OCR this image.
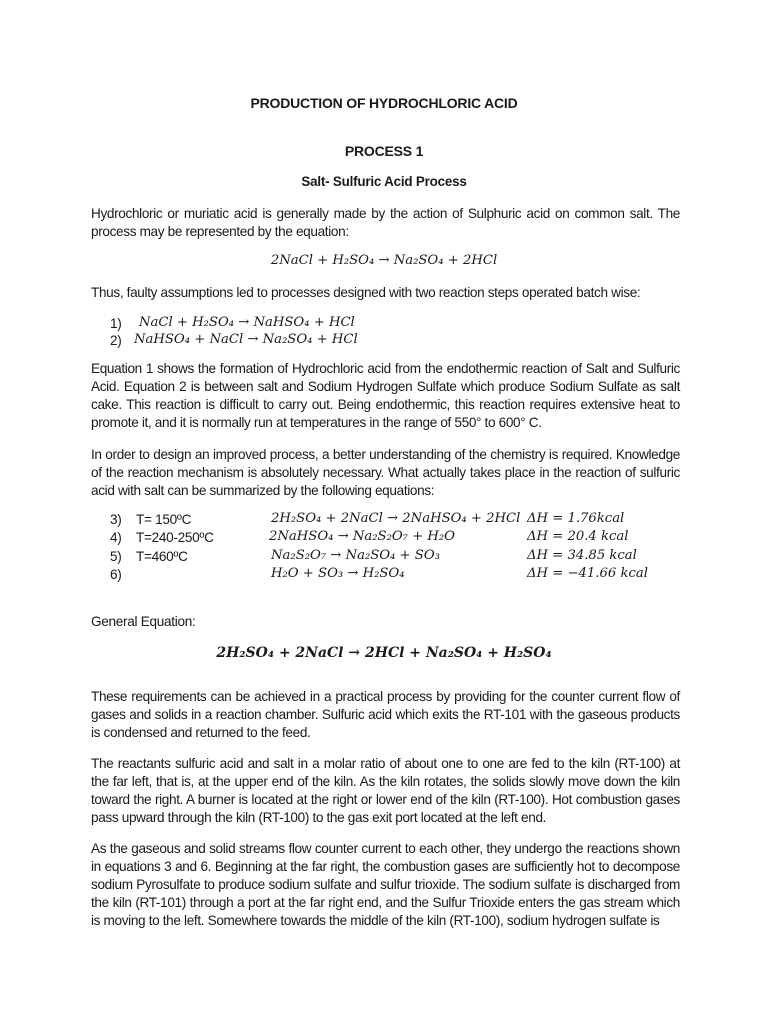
PRODUCTION OF HYDROCHLORIC ACID
PROCESS 1
Salt- Sulfuric Acid Process
Hydrochloric or muriatic acid is generally made by the action of Sulphuric acid on common salt. The process may be represented by the equation:
2NaCl + H₂SO₄ → Na₂SO₄ + 2HCl
Thus, faulty assumptions led to processes designed with two reaction steps operated batch wise:
1) NaCl + H₂SO₄ → NaHSO₄ + HCl
2) NaHSO₄ + NaCl → Na₂SO₄ + HCl
Equation 1 shows the formation of Hydrochloric acid from the endothermic reaction of Salt and Sulfuric Acid. Equation 2 is between salt and Sodium Hydrogen Sulfate which produce Sodium Sulfate as salt cake. This reaction is difficult to carry out. Being endothermic, this reaction requires extensive heat to promote it, and it is normally run at temperatures in the range of 550° to 600° C.
In order to design an improved process, a better understanding of the chemistry is required. Knowledge of the reaction mechanism is absolutely necessary. What actually takes place in the reaction of sulfuric acid with salt can be summarized by the following equations:
3) T= 150ºC	2H₂SO₄ + 2NaCl → 2NaHSO₄ + 2HCl ΔH = 1.76kcal
4) T=240-250ºC	2NaHSO₄ → Na₂S₂O₇ + H₂O	ΔH = 20.4 kcal
5) T=460ºC	Na₂S₂O₇ → Na₂SO₄ + SO₃	ΔH = 34.85 kcal
6)	H₂O + SO₃ → H₂SO₄	ΔH = −41.66 kcal
General Equation:
2H₂SO₄ + 2NaCl → 2HCl + Na₂SO₄ + H₂SO₄
These requirements can be achieved in a practical process by providing for the counter current flow of gases and solids in a reaction chamber. Sulfuric acid which exits the RT-101 with the gaseous products is condensed and returned to the feed.
The reactants sulfuric acid and salt in a molar ratio of about one to one are fed to the kiln (RT-100) at the far left, that is, at the upper end of the kiln. As the kiln rotates, the solids slowly move down the kiln toward the right. A burner is located at the right or lower end of the kiln (RT-100). Hot combustion gases pass upward through the kiln (RT-100) to the gas exit port located at the left end.
As the gaseous and solid streams flow counter current to each other, they undergo the reactions shown in equations 3 and 6. Beginning at the far right, the combustion gases are sufficiently hot to decompose sodium Pyrosulfate to produce sodium sulfate and sulfur trioxide. The sodium sulfate is discharged from the kiln (RT-101) through a port at the far right end, and the Sulfur Trioxide enters the gas stream which is moving to the left. Somewhere towards the middle of the kiln (RT-100), sodium hydrogen sulfate is
